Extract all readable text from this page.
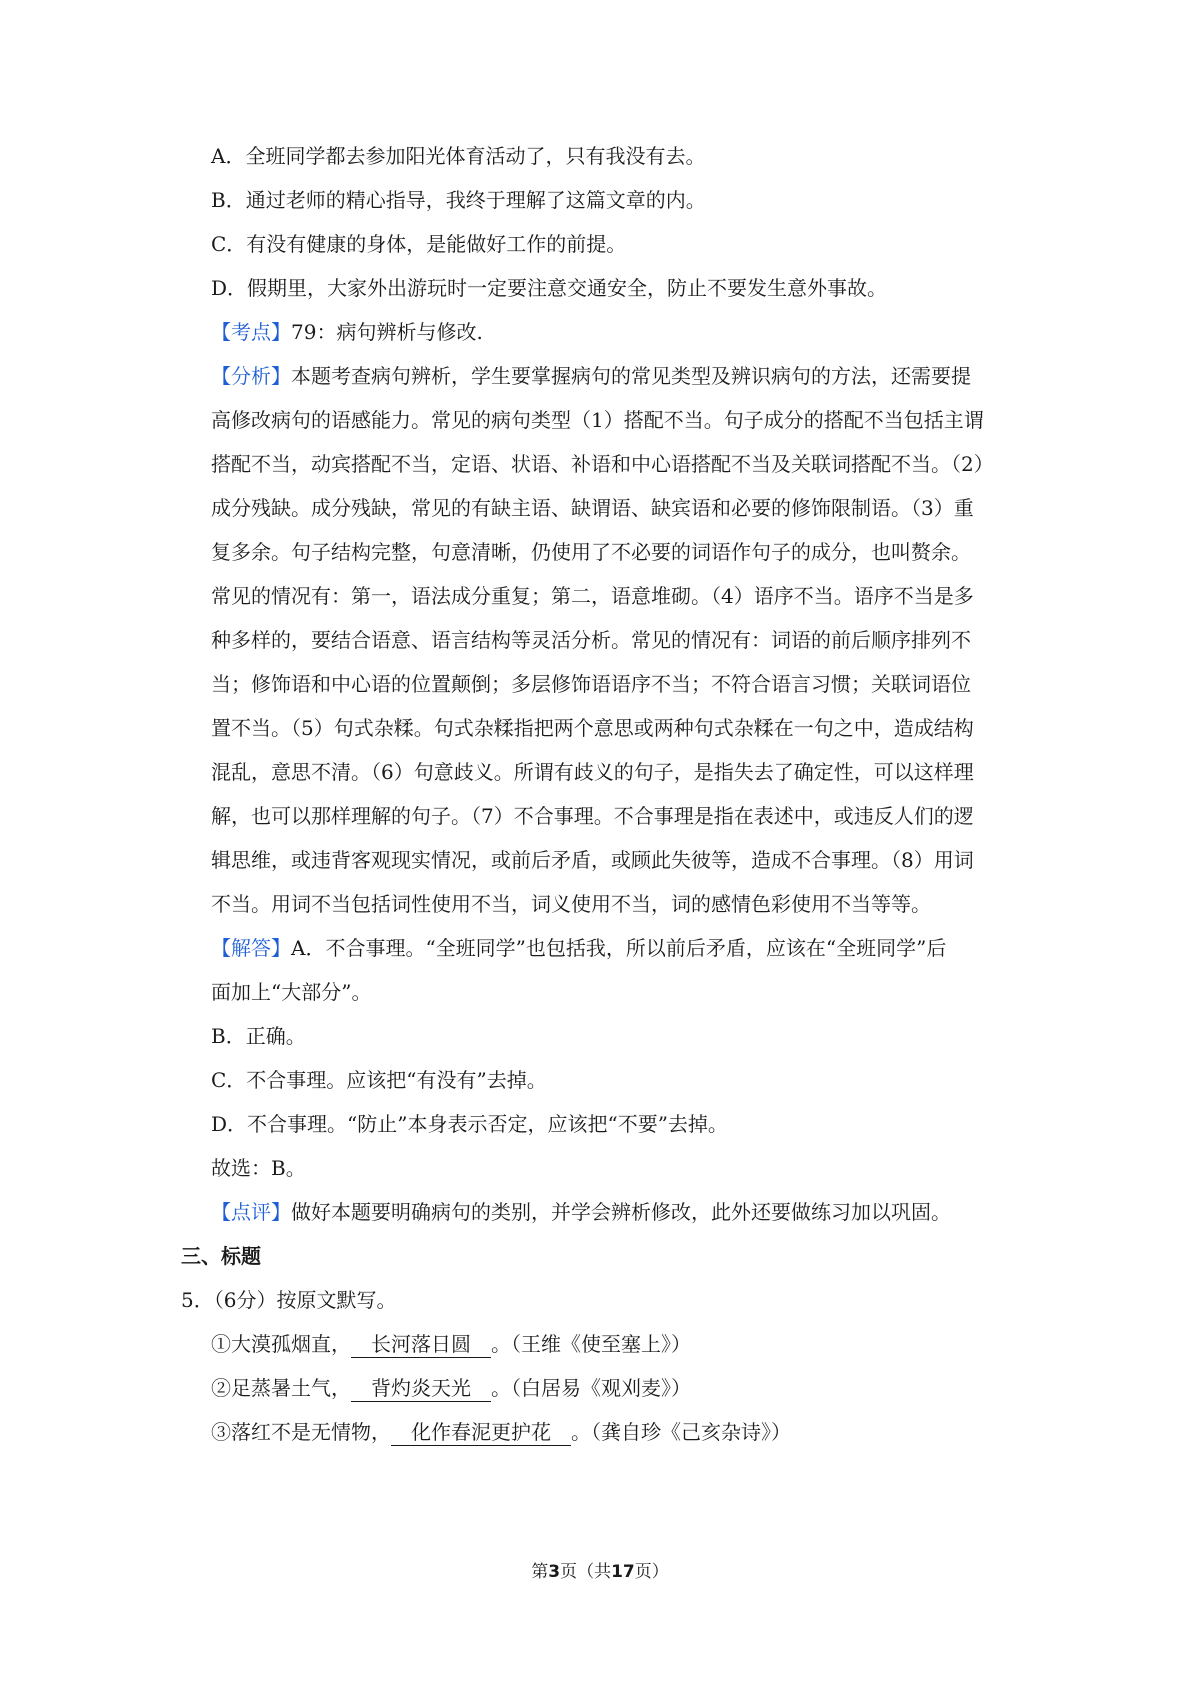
A．全班同学都去参加阳光体育活动了，只有我没有去。

B．通过老师的精心指导，我终于理解了这篇文章的内。

C．有没有健康的身体，是能做好工作的前提。

D．假期里，大家外出游玩时一定要注意交通安全，防止不要发生意外事故。

【考点】79：病句辨析与修改.

【分析】本题考查病句辨析，学生要掌握病句的常见类型及辨识病句的方法，还需要提

高修改病句的语感能力。常见的病句类型（1）搭配不当。句子成分的搭配不当包括主谓

搭配不当，动宾搭配不当，定语、状语、补语和中心语搭配不当及关联词搭配不当。（2）

成分残缺。成分残缺，常见的有缺主语、缺谓语、缺宾语和必要的修饰限制语。（3）重

复多余。句子结构完整，句意清晰，仍使用了不必要的词语作句子的成分，也叫赘余。

常见的情况有：第一，语法成分重复；第二，语意堆砌。（4）语序不当。语序不当是多

种多样的，要结合语意、语言结构等灵活分析。常见的情况有：词语的前后顺序排列不

当；修饰语和中心语的位置颠倒；多层修饰语语序不当；不符合语言习惯；关联词语位

置不当。（5）句式杂糅。句式杂糅指把两个意思或两种句式杂糅在一句之中，造成结构

混乱，意思不清。（6）句意歧义。所谓有歧义的句子，是指失去了确定性，可以这样理

解，也可以那样理解的句子。（7）不合事理。不合事理是指在表述中，或违反人们的逻

辑思维，或违背客观现实情况，或前后矛盾，或顾此失彼等，造成不合事理。（8）用词

不当。用词不当包括词性使用不当，词义使用不当，词的感情色彩使用不当等等。

【解答】A．不合事理。“全班同学”也包括我，所以前后矛盾，应该在“全班同学”后

面加上“大部分”。

B．正确。

C．不合事理。应该把“有没有”去掉。

D．不合事理。“防止”本身表示否定，应该把“不要”去掉。

故选：B。

【点评】做好本题要明确病句的类别，并学会辨析修改，此外还要做练习加以巩固。

三、标题

5．（6分）按原文默写。

①大漠孤烟直， 长河落日圆 。（王维《使至塞上》）

②足蒸暑土气， 背灼炎天光 。（白居易《观刈麦》）

③落红不是无情物， 化作春泥更护花 。（龚自珍《己亥杂诗》）

第3页（共17页）
